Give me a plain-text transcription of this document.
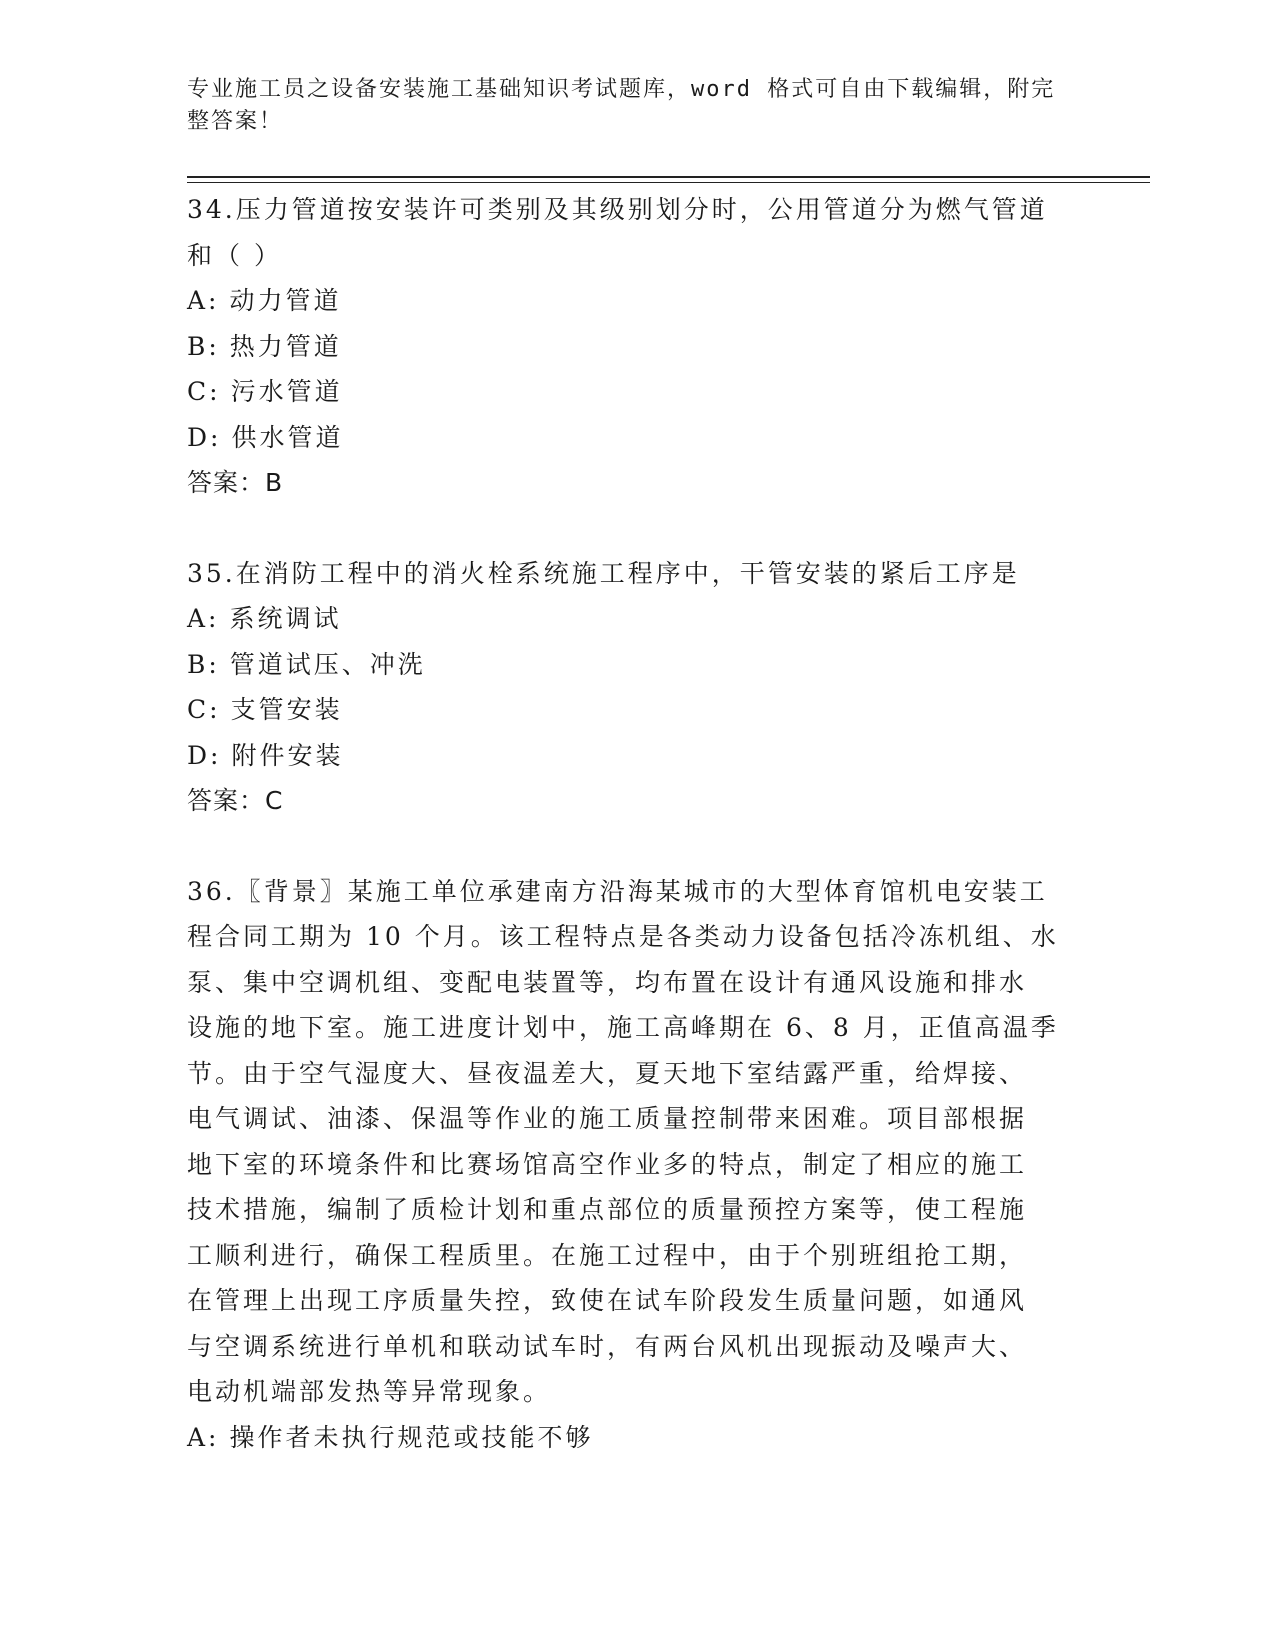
专业施工员之设备安装施工基础知识考试题库，word 格式可自由下载编辑，附完
整答案！
34.压力管道按安装许可类别及其级别划分时，公用管道分为燃气管道
和（ ）
A: 动力管道
B: 热力管道
C: 污水管道
D: 供水管道
答案：B
35.在消防工程中的消火栓系统施工程序中，干管安装的紧后工序是
A: 系统调试
B: 管道试压、冲洗
C: 支管安装
D: 附件安装
答案：C
36.〖背景〗某施工单位承建南方沿海某城市的大型体育馆机电安装工
程合同工期为 10 个月。该工程特点是各类动力设备包括冷冻机组、水
泵、集中空调机组、变配电装置等，均布置在设计有通风设施和排水
设施的地下室。施工进度计划中，施工高峰期在 6、8 月，正值高温季
节。由于空气湿度大、昼夜温差大，夏天地下室结露严重，给焊接、
电气调试、油漆、保温等作业的施工质量控制带来困难。项目部根据
地下室的环境条件和比赛场馆高空作业多的特点，制定了相应的施工
技术措施，编制了质检计划和重点部位的质量预控方案等，使工程施
工顺利进行，确保工程质里。在施工过程中，由于个别班组抢工期，
在管理上出现工序质量失控，致使在试车阶段发生质量问题，如通风
与空调系统进行单机和联动试车时，有两台风机出现振动及噪声大、
电动机端部发热等异常现象。
A: 操作者未执行规范或技能不够
